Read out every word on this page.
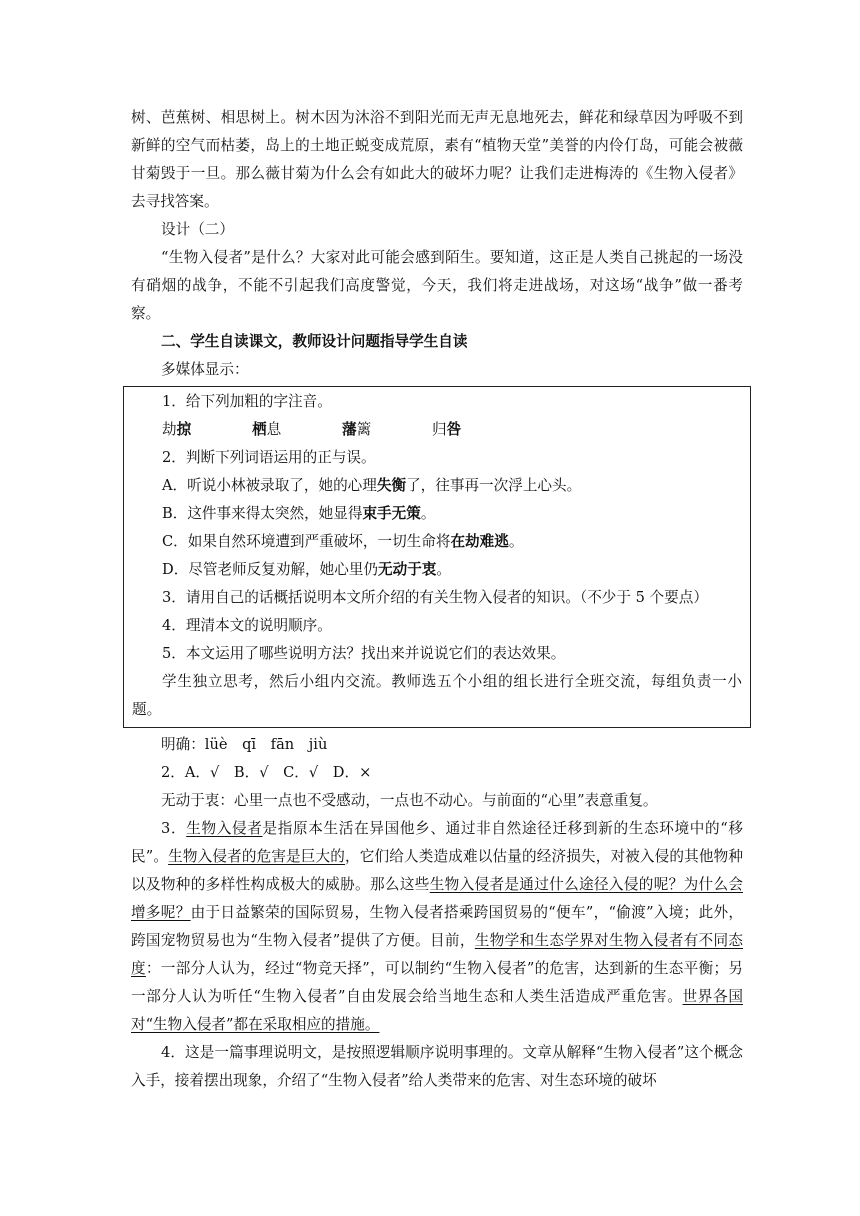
树、芭蕉树、相思树上。树木因为沐浴不到阳光而无声无息地死去，鲜花和绿草因为呼吸不到新鲜的空气而枯萎，岛上的土地正蜕变成荒原，素有“植物天堂”美誉的内伶仃岛，可能会被薇甘菊毁于一旦。那么薇甘菊为什么会有如此大的破坏力呢？让我们走进梅涛的《生物入侵者》去寻找答案。

设计（二）

“生物入侵者”是什么？大家对此可能会感到陌生。要知道，这正是人类自己挑起的一场没有硝烟的战争，不能不引起我们高度警觉，今天，我们将走进战场，对这场“战争”做一番考察。

二、学生自读课文，教师设计问题指导学生自读

多媒体显示：

1．给下列加粗的字注音。

劫掠	栖息	藩篱	归咎

2．判断下列词语运用的正与误。

A．听说小林被录取了，她的心理失衡了，往事再一次浮上心头。

B．这件事来得太突然，她显得束手无策。

C．如果自然环境遭到严重破坏，一切生命将在劫难逃。

D．尽管老师反复劝解，她心里仍无动于衷。

3．请用自己的话概括说明本文所介绍的有关生物入侵者的知识。（不少于 5 个要点）

4．理清本文的说明顺序。

5．本文运用了哪些说明方法？找出来并说说它们的表达效果。

学生独立思考，然后小组内交流。教师选五个小组的组长进行全班交流，每组负责一小题。

明确：lüè　qī　fān　jiù

2．A．√　B．√　C．√　D．×

无动于衷：心里一点也不受感动，一点也不动心。与前面的“心里”表意重复。

3．生物入侵者是指原本生活在异国他乡、通过非自然途径迁移到新的生态环境中的“移民”。生物入侵者的危害是巨大的，它们给人类造成难以估量的经济损失，对被入侵的其他物种以及物种的多样性构成极大的威胁。那么这些生物入侵者是通过什么途径入侵的呢？为什么会增多呢？由于日益繁荣的国际贸易，生物入侵者搭乘跨国贸易的“便车”，“偷渡”入境；此外，跨国宠物贸易也为“生物入侵者”提供了方便。目前，生物学和生态学界对生物入侵者有不同态度：一部分人认为，经过“物竞天择”，可以制约“生物入侵者”的危害，达到新的生态平衡；另一部分人认为听任“生物入侵者”自由发展会给当地生态和人类生活造成严重危害。世界各国对“生物入侵者”都在采取相应的措施。

4．这是一篇事理说明文，是按照逻辑顺序说明事理的。文章从解释“生物入侵者”这个概念入手，接着摆出现象，介绍了“生物入侵者”给人类带来的危害、对生态环境的破坏
